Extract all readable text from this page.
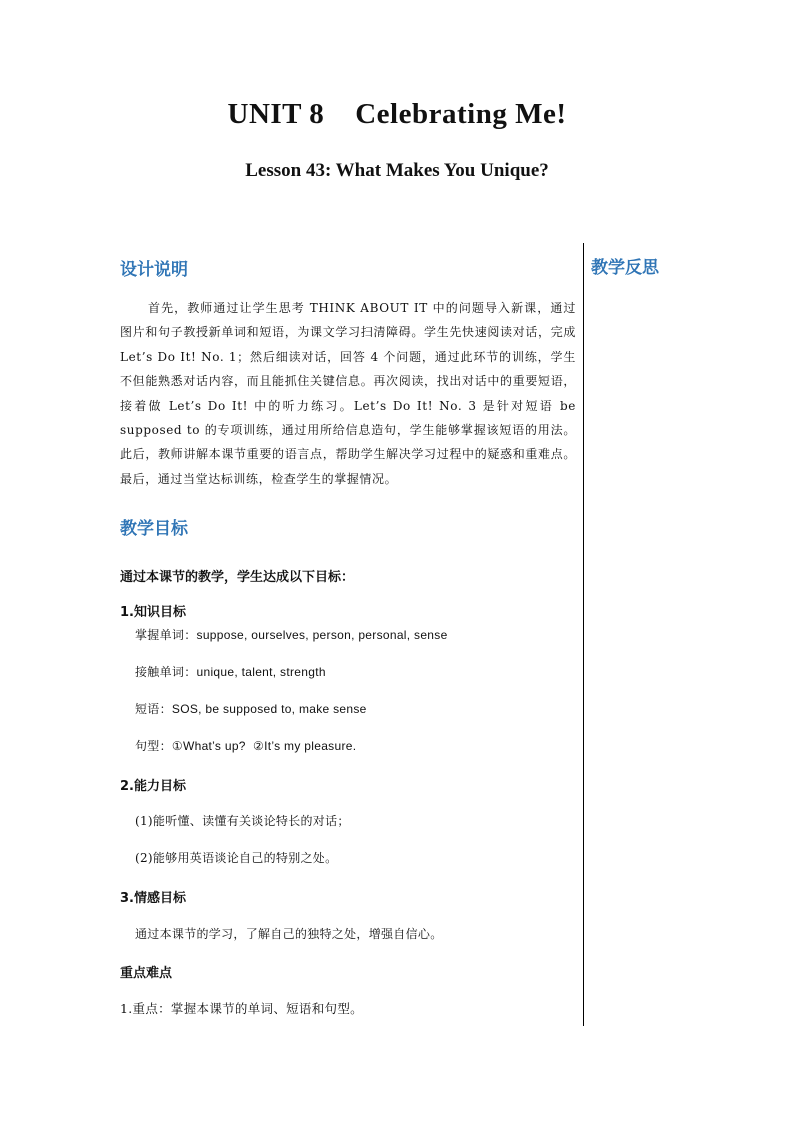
UNIT 8    Celebrating Me!
Lesson 43: What Makes You Unique?
教学反思
设计说明
首先，教师通过让学生思考 THINK ABOUT IT 中的问题导入新课，通过图片和句子教授新单词和短语，为课文学习扫清障碍。学生先快速阅读对话，完成 Let’s Do It! No. 1；然后细读对话，回答 4 个问题，通过此环节的训练，学生不但能熟悉对话内容，而且能抓住关键信息。再次阅读，找出对话中的重要短语，接着做 Let’s Do It! 中的听力练习。Let’s Do It! No. 3 是针对短语 be supposed to 的专项训练，通过用所给信息造句，学生能够掌握该短语的用法。此后，教师讲解本课节重要的语言点，帮助学生解决学习过程中的疑惑和重难点。最后，通过当堂达标训练，检查学生的掌握情况。
教学目标
通过本课节的教学，学生达成以下目标：
1.知识目标
掌握单词：suppose, ourselves, person, personal, sense
接触单词：unique, talent, strength
短语：SOS, be supposed to, make sense
句型：①What’s up?  ②It’s my pleasure.
2.能力目标
(1)能听懂、读懂有关谈论特长的对话；
(2)能够用英语谈论自己的特别之处。
3.情感目标
通过本课节的学习，了解自己的独特之处，增强自信心。
重点难点
1.重点：掌握本课节的单词、短语和句型。
